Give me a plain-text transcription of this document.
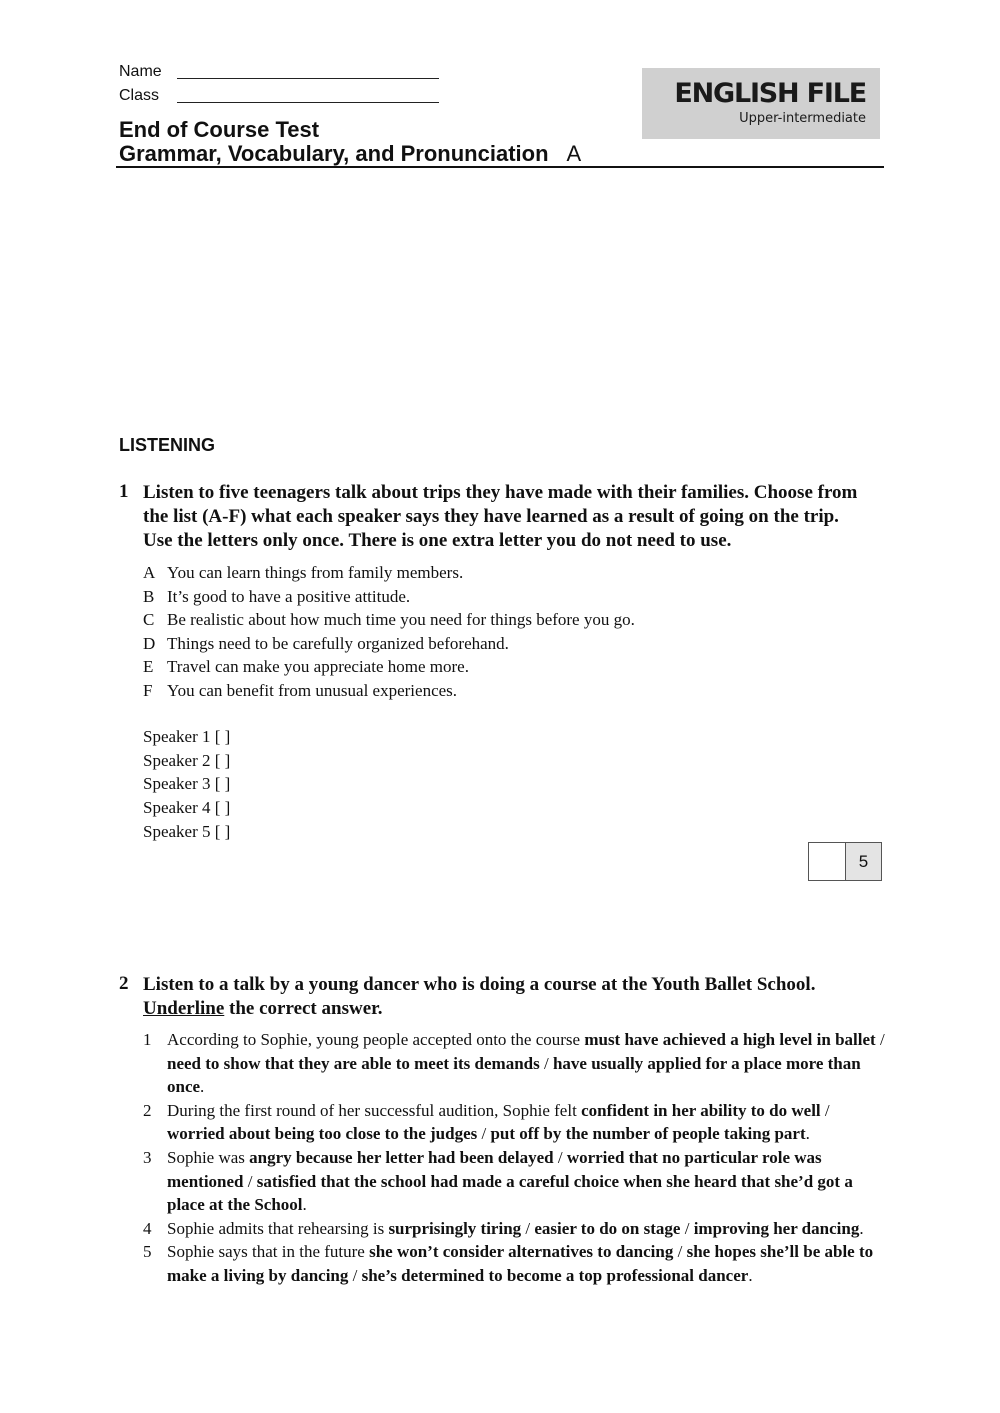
Name
Class	ENGLISH FILE
Upper-intermediate
End of Course Test
Grammar, Vocabulary, and Pronunciation A
LISTENING
1 Listen to five teenagers talk about trips they have made with their families. Choose from the list (A-F) what each speaker says they have learned as a result of going on the trip. Use the letters only once. There is one extra letter you do not need to use.
A You can learn things from family members.
B It’s good to have a positive attitude.
C Be realistic about how much time you need for things before you go.
D Things need to be carefully organized beforehand.
E Travel can make you appreciate home more.
F You can benefit from unusual experiences.
Speaker 1 [ ]
Speaker 2 [ ]
Speaker 3 [ ]
Speaker 4 [ ]
Speaker 5 [ ]
5
2 Listen to a talk by a young dancer who is doing a course at the Youth Ballet School.
Underline the correct answer.
1 According to Sophie, young people accepted onto the course must have achieved a high level in ballet / need to show that they are able to meet its demands / have usually applied for a place more than once.
2 During the first round of her successful audition, Sophie felt confident in her ability to do well / worried about being too close to the judges / put off by the number of people taking part.
3 Sophie was angry because her letter had been delayed / worried that no particular role was mentioned / satisfied that the school had made a careful choice when she heard that she’d got a place at the School.
4 Sophie admits that rehearsing is surprisingly tiring / easier to do on stage / improving her dancing.
5 Sophie says that in the future she won’t consider alternatives to dancing / she hopes she’ll be able to make a living by dancing / she’s determined to become a top professional dancer.
